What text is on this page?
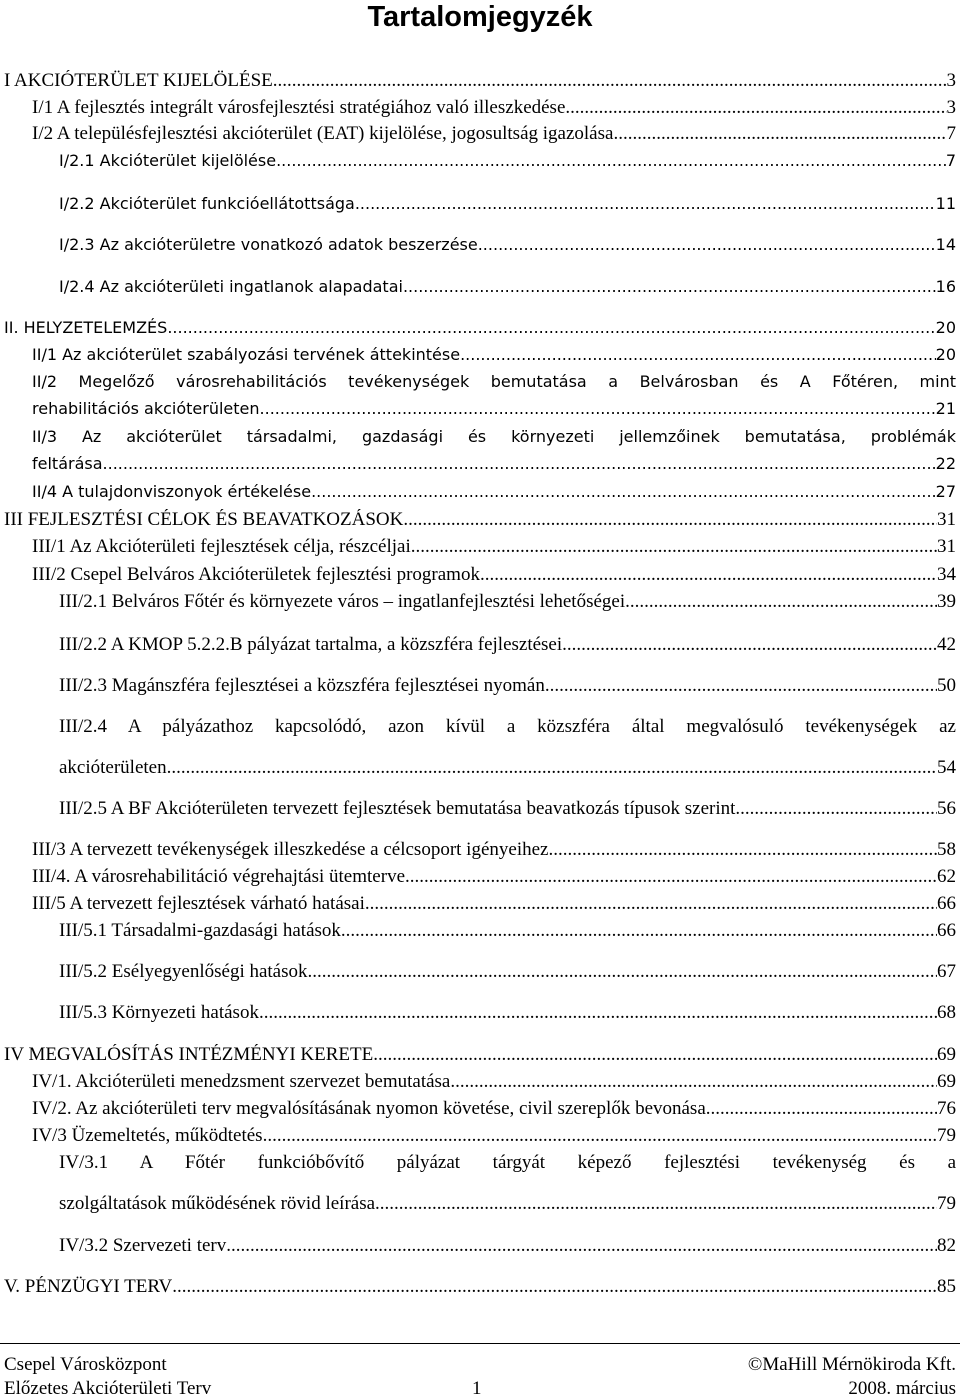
Tartalomjegyzék
I AKCIÓTERÜLET KIJELÖLÉSE .....	3
I/1 A fejlesztés integrált városfejlesztési stratégiához való illeszkedése .....	3
I/2 A településfejlesztési akcióterület (EAT) kijelölése, jogosultság igazolása .....	7
I/2.1 Akcióterület kijelölése .....	7
I/2.2 Akcióterület funkcióellátottsága .....	11
I/2.3 Az akcióterületre vonatkozó adatok beszerzése .....	14
I/2.4 Az akcióterületi ingatlanok alapadatai .....	16
II. HELYZETELEMZÉS .....	20
II/1 Az akcióterület szabályozási tervének áttekintése .....	20
II/2 Megelőző városrehabilitációs tevékenységek bemutatása a Belvárosban és A Főtéren, mint
rehabilitációs akcióterületen .....	21
II/3 Az akcióterület társadalmi, gazdasági és környezeti jellemzőinek bemutatása, problémák
feltárása .....	22
II/4 A tulajdonviszonyok értékelése .....	27
III FEJLESZTÉSI CÉLOK ÉS BEAVATKOZÁSOK .....	31
III/1 Az Akcióterületi fejlesztések célja, részcéljai .....	31
III/2 Csepel Belváros Akcióterületek fejlesztési programok .....	34
III/2.1 Belváros Főtér és környezete város – ingatlanfejlesztési lehetőségei .....	39
III/2.2 A KMOP 5.2.2.B pályázat tartalma, a közszféra fejlesztései .....	42
III/2.3 Magánszféra fejlesztései a közszféra fejlesztései nyomán .....	50
III/2.4 A pályázathoz kapcsolódó, azon kívül a közszféra által megvalósuló tevékenységek az
akcióterületen .....	54
III/2.5 A BF Akcióterületen tervezett fejlesztések bemutatása beavatkozás típusok szerint. .....	56
III/3 A tervezett tevékenységek illeszkedése a célcsoport igényeihez .....	58
III/4. A városrehabilitáció végrehajtási ütemterve .....	62
III/5 A tervezett fejlesztések várható hatásai .....	66
III/5.1 Társadalmi-gazdasági hatások .....	66
III/5.2 Esélyegyenlőségi hatások .....	67
III/5.3 Környezeti hatások .....	68
IV MEGVALÓSÍTÁS INTÉZMÉNYI KERETE .....	69
IV/1. Akcióterületi menedzsment szervezet bemutatása .....	69
IV/2. Az akcióterületi terv megvalósításának nyomon követése, civil szereplők bevonása .....	76
IV/3 Üzemeltetés, működtetés .....	79
IV/3.1 A Főtér funkcióbővítő pályázat tárgyát képező fejlesztési tevékenység és a
szolgáltatások működésének rövid leírása .....	79
IV/3.2 Szervezeti terv .....	82
V. PÉNZÜGYI TERV .....	85
Csepel Városközpont
Előzetes Akcióterületi Terv	1
©MaHill Mérnökiroda Kft.
2008. március
